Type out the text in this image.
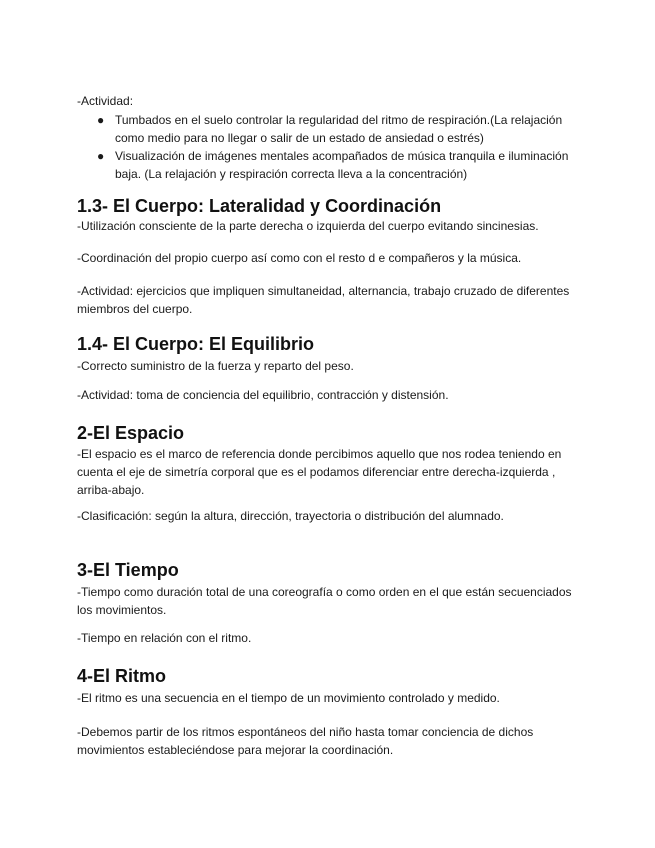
-Actividad:

● Tumbados en el suelo controlar la regularidad del ritmo de respiración.(La relajación como medio para no llegar o salir de un estado de ansiedad o estrés)
● Visualización de imágenes mentales acompañados de música tranquila e iluminación baja. (La relajación y respiración correcta lleva a la concentración)
1.3- El Cuerpo: Lateralidad y Coordinación

-Utilización consciente de la parte derecha o izquierda del cuerpo evitando sincinesias.

-Coordinación del propio cuerpo así como con el resto d e compañeros y la música.

-Actividad: ejercicios que impliquen simultaneidad, alternancia, trabajo cruzado de diferentes miembros del cuerpo.

1.4- El Cuerpo: El Equilibrio

-Correcto suministro de la fuerza y reparto del peso.

-Actividad: toma de conciencia del equilibrio, contracción y distensión.

2-El Espacio

-El espacio es el marco de referencia donde percibimos aquello que nos rodea teniendo en cuenta el eje de simetría corporal que es el podamos diferenciar entre derecha-izquierda , arriba-abajo.

-Clasificación: según la altura, dirección, trayectoria o distribución del alumnado.

3-El Tiempo

-Tiempo como duración total de una coreografía o como orden en el que están secuenciados los movimientos.

-Tiempo en relación con el ritmo.

4-El Ritmo

-El ritmo es una secuencia en el tiempo de un movimiento controlado y medido.

-Debemos partir de los ritmos espontáneos del niño hasta tomar conciencia de dichos movimientos estableciéndose para mejorar la coordinación.
